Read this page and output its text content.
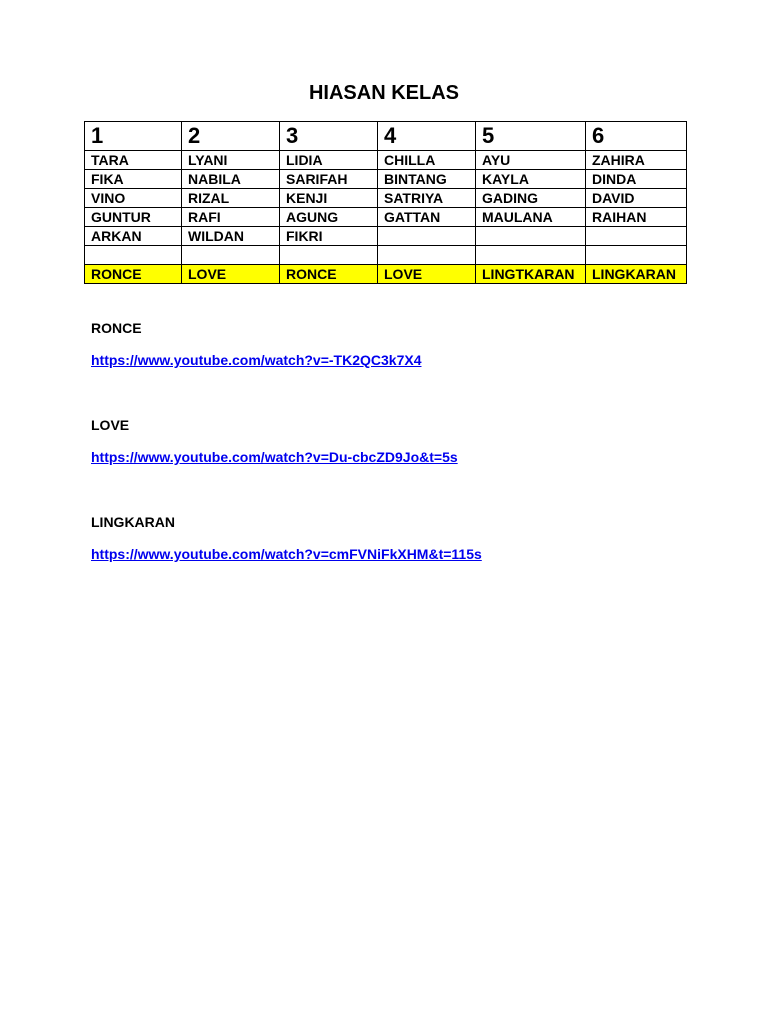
HIASAN KELAS
1	2	3	4	5	6
TARA	LYANI	LIDIA	CHILLA	AYU	ZAHIRA
FIKA	NABILA	SARIFAH	BINTANG	KAYLA	DINDA
VINO	RIZAL	KENJI	SATRIYA	GADING	DAVID
GUNTUR	RAFI	AGUNG	GATTAN	MAULANA	RAIHAN
ARKAN	WILDAN	FIKRI			

RONCE	LOVE	RONCE	LOVE	LINGTKARAN	LINGKARAN

RONCE

https://www.youtube.com/watch?v=-TK2QC3k7X4

LOVE

https://www.youtube.com/watch?v=Du-cbcZD9Jo&t=5s

LINGKARAN

https://www.youtube.com/watch?v=cmFVNiFkXHM&t=115s
